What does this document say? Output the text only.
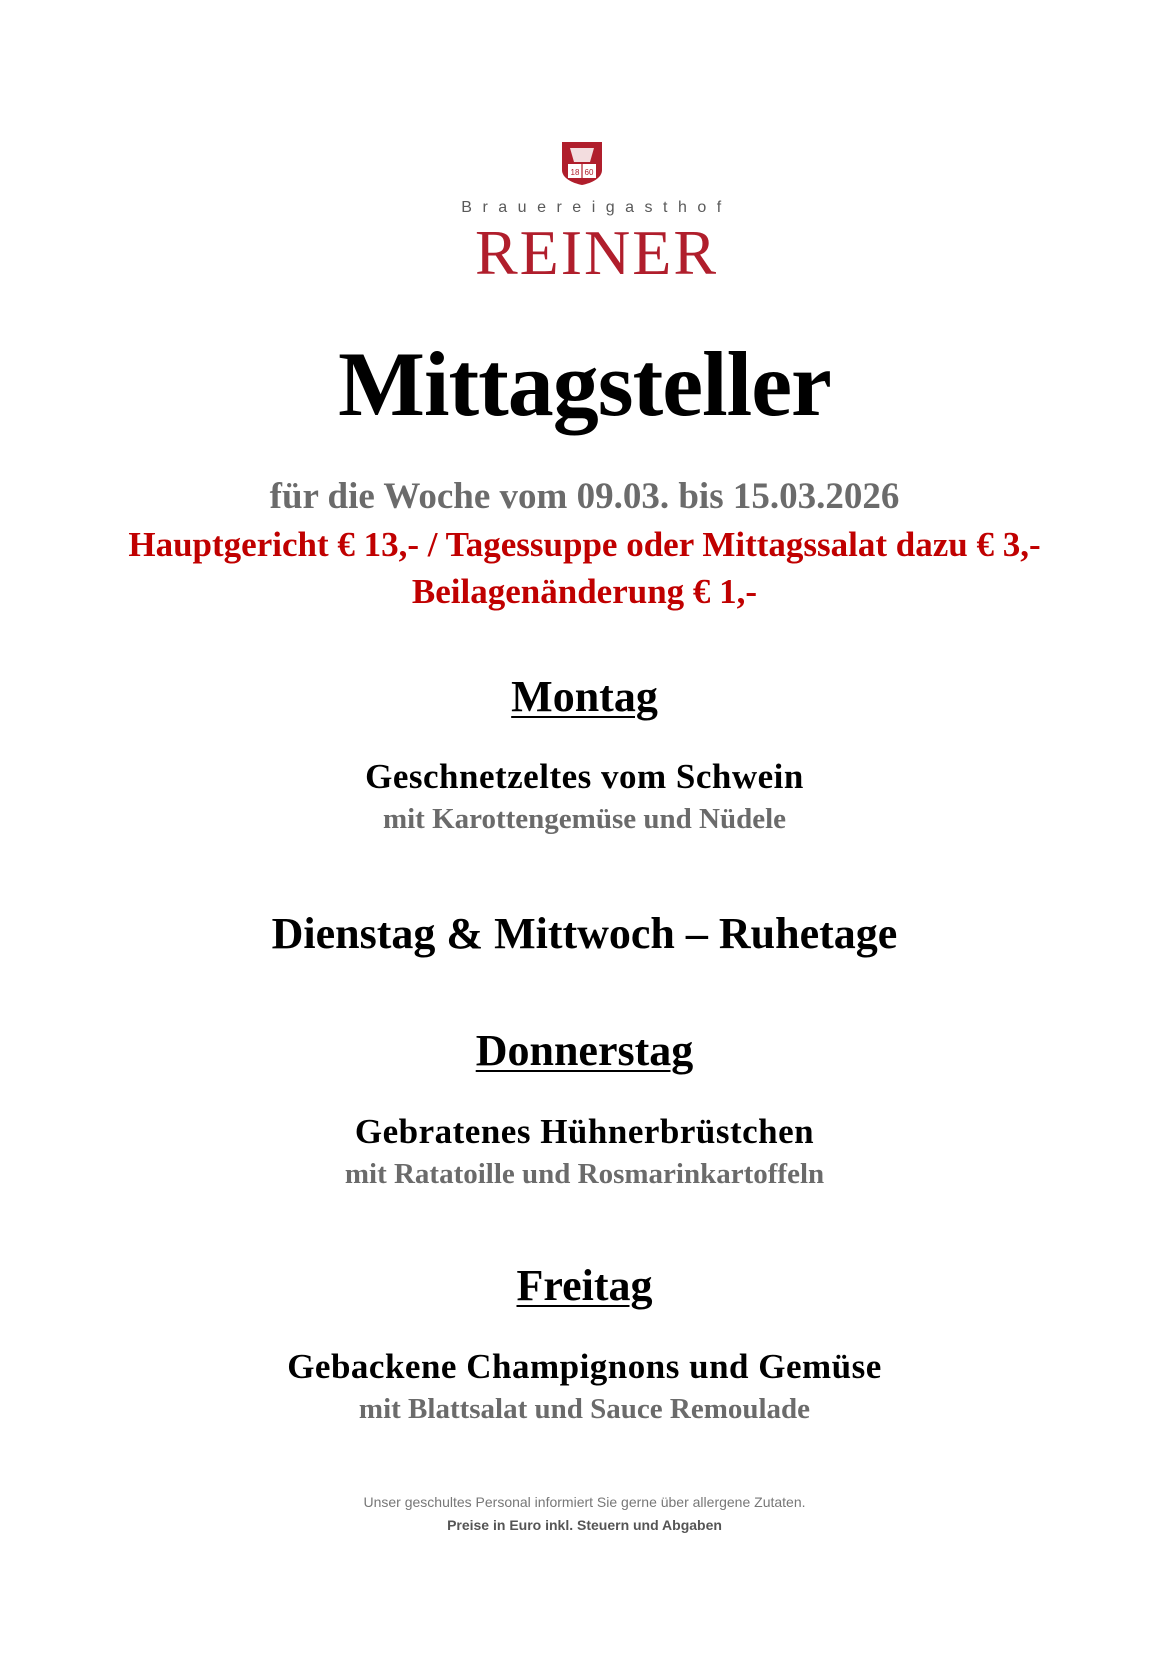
18 60
Brauereigasthof
REINER
Mittagsteller
für die Woche vom 09.03. bis 15.03.2026
Hauptgericht € 13,- / Tagessuppe oder Mittagssalat dazu € 3,-
Beilagenänderung € 1,-
Montag
Geschnetzeltes vom Schwein
mit Karottengemüse und Nüdele
Dienstag & Mittwoch – Ruhetage
Donnerstag
Gebratenes Hühnerbrüstchen
mit Ratatoille und Rosmarinkartoffeln
Freitag
Gebackene Champignons und Gemüse
mit Blattsalat und Sauce Remoulade
Unser geschultes Personal informiert Sie gerne über allergene Zutaten.
Preise in Euro inkl. Steuern und Abgaben
